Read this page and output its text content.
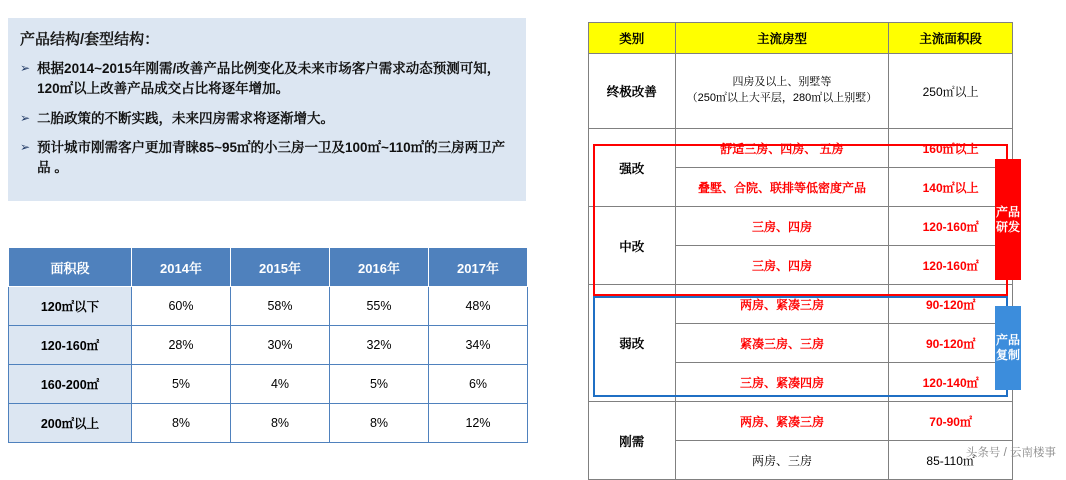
产品结构/套型结构：
➢ 根据2014~2015年刚需/改善产品比例变化及未来市场客户需求动态预测可知，120㎡以上改善产品成交占比将逐年增加。
➢ 二胎政策的不断实践，未来四房需求将逐渐增大。
➢ 预计城市刚需客户更加青睐85~95㎡的小三房一卫及100㎡~110㎡的三房两卫产品 。
面积段	2014年	2015年	2016年	2017年
120㎡以下	60%	58%	55%	48%
120-160㎡	28%	30%	32%	34%
160-200㎡	5%	4%	5%	6%
200㎡以上	8%	8%	8%	12%
类别	主流房型	主流面积段
终极改善	四房及以上、别墅等
（250㎡以上大平层，280㎡以上别墅）	250㎡以上
强改	舒适三房、四房、 五房	160㎡以上
	叠墅、合院、联排等低密度产品	140㎡以上
中改	三房、四房	120-160㎡
	三房、四房	120-160㎡
弱改	两房、紧凑三房	90-120㎡
	紧凑三房、三房	90-120㎡
	三房、紧凑四房	120-140㎡
刚需	两房、紧凑三房	70-90㎡
	两房、三房	85-110㎡
产品研发
产品复制
头条号 / 云南楼事
